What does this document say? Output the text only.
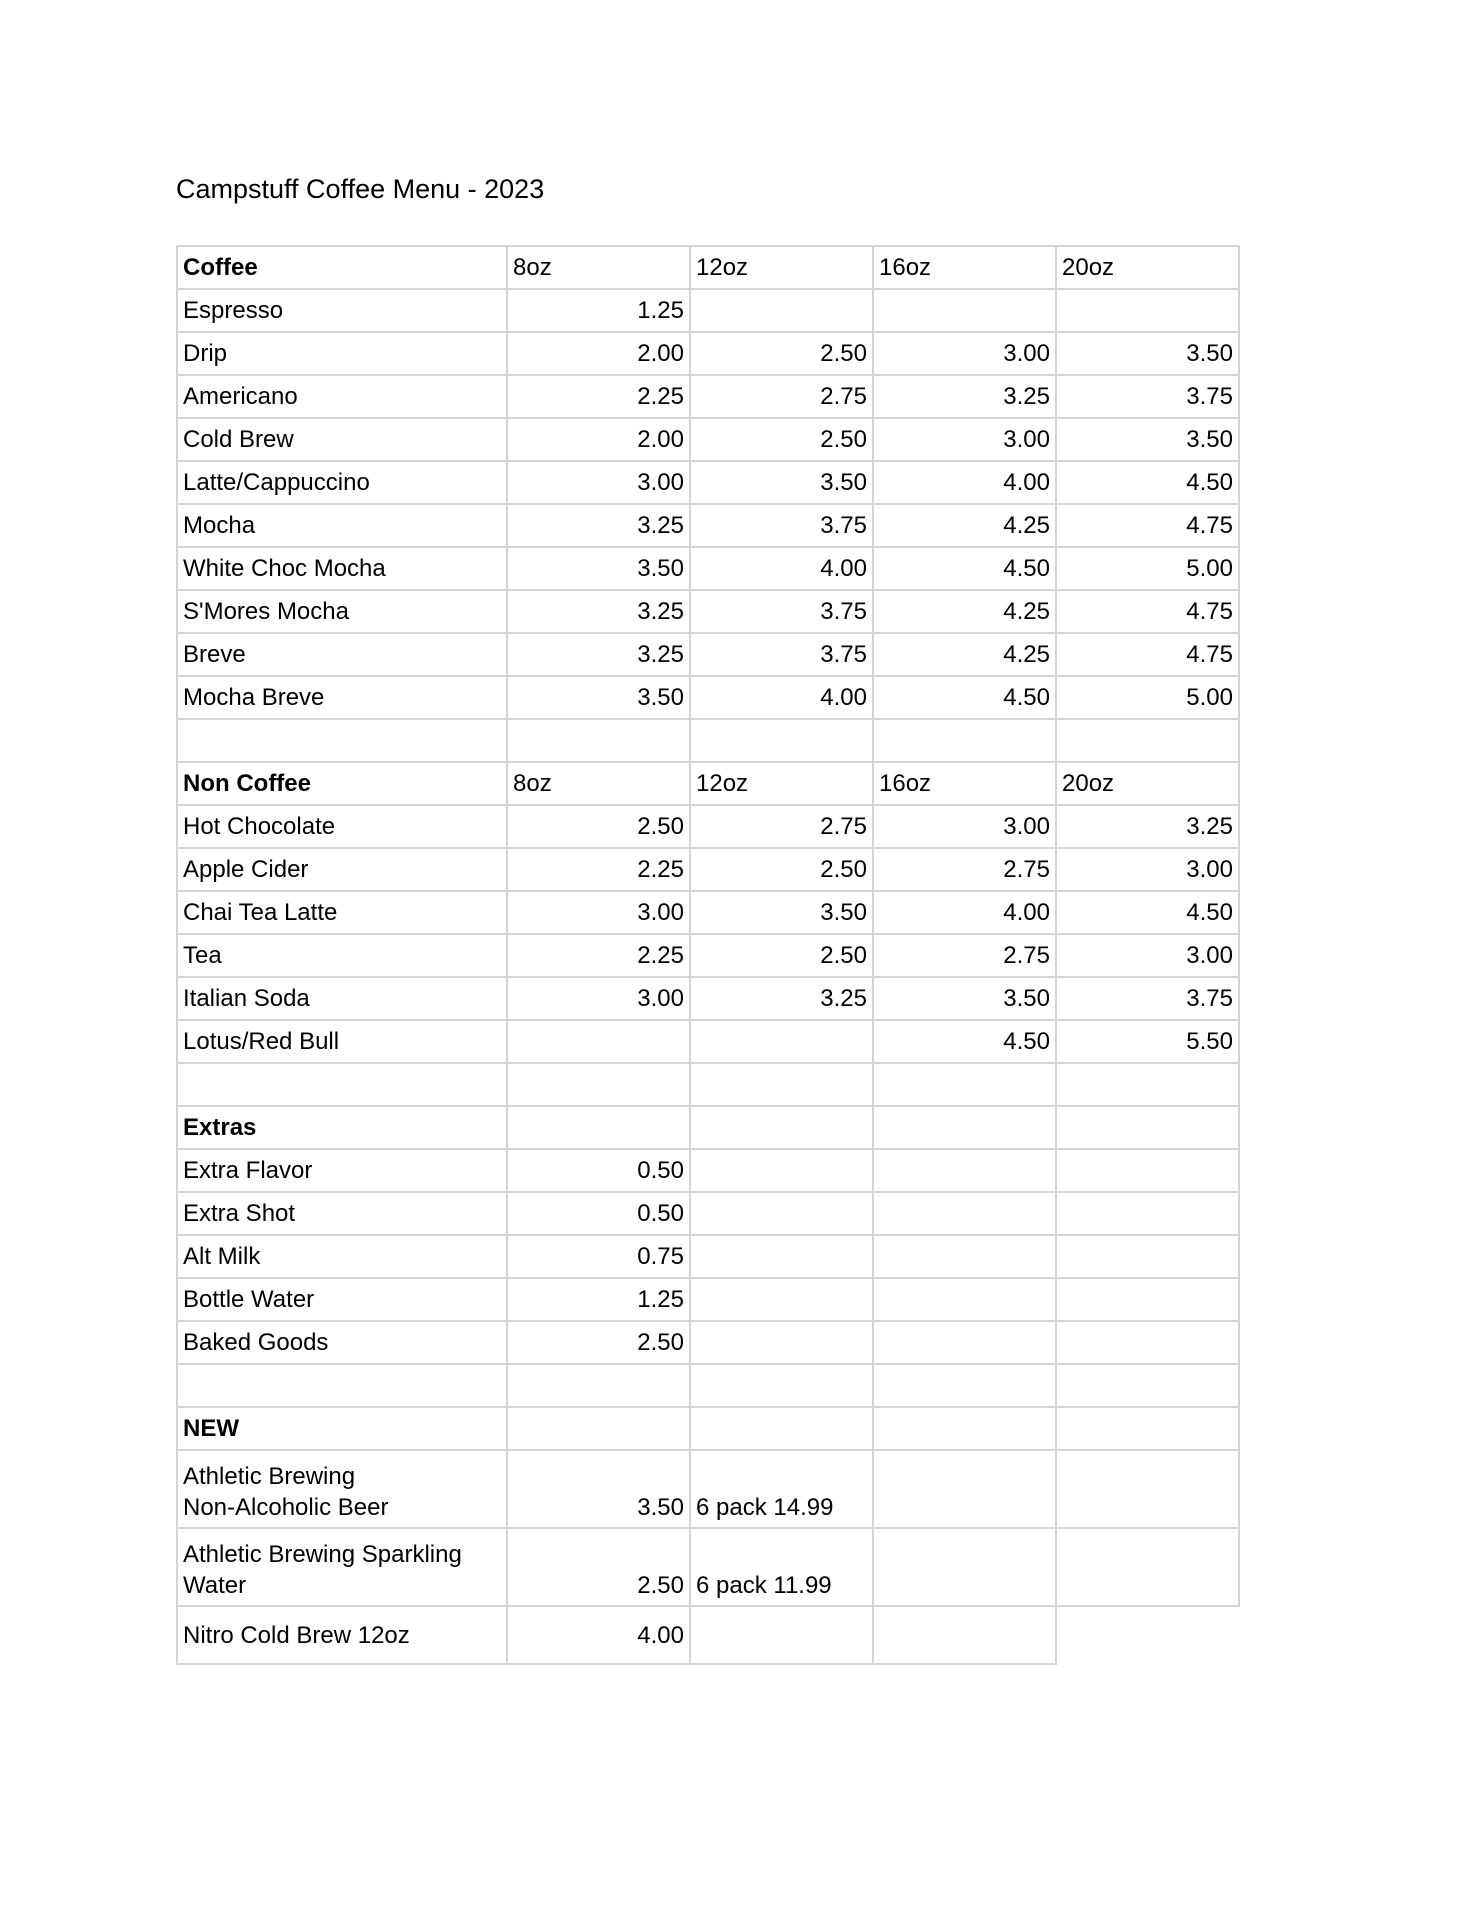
Campstuff Coffee Menu - 2023
Coffee	8oz	12oz	16oz	20oz
Espresso	1.25			
Drip	2.00	2.50	3.00	3.50
Americano	2.25	2.75	3.25	3.75
Cold Brew	2.00	2.50	3.00	3.50
Latte/Cappuccino	3.00	3.50	4.00	4.50
Mocha	3.25	3.75	4.25	4.75
White Choc Mocha	3.50	4.00	4.50	5.00
S'Mores Mocha	3.25	3.75	4.25	4.75
Breve	3.25	3.75	4.25	4.75
Mocha Breve	3.50	4.00	4.50	5.00

Non Coffee	8oz	12oz	16oz	20oz
Hot Chocolate	2.50	2.75	3.00	3.25
Apple Cider	2.25	2.50	2.75	3.00
Chai Tea Latte	3.00	3.50	4.00	4.50
Tea	2.25	2.50	2.75	3.00
Italian Soda	3.00	3.25	3.50	3.75
Lotus/Red Bull			4.50	5.50

Extras				
Extra Flavor	0.50			
Extra Shot	0.50			
Alt Milk	0.75			
Bottle Water	1.25			
Baked Goods	2.50			

NEW				

Athletic Brewing
Non-Alcoholic Beer	3.50	6 pack 14.99		

Athletic Brewing Sparkling
Water	2.50	6 pack 11.99		
Nitro Cold Brew 12oz	4.00			
